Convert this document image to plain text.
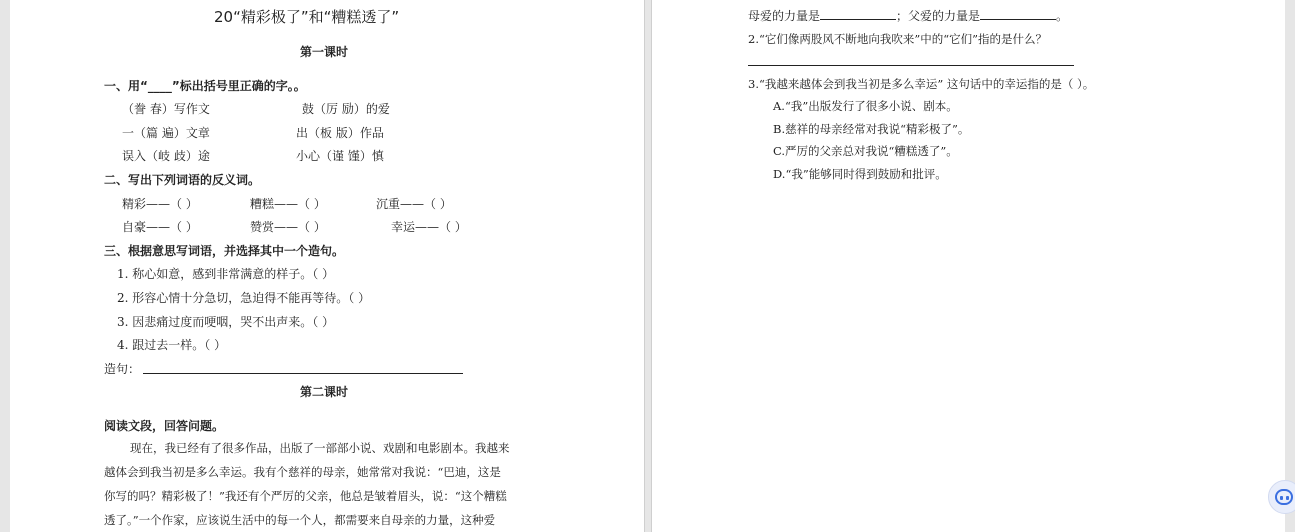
20“精彩极了”和“糟糕透了”
第一课时
一、用“____”标出括号里正确的字。。
（誊 春）写作文	鼓（厉 励）的爱
一（篇 遍）文章	出（板 版）作品
误入（岐 歧）途	小心（谨 馑）慎
二、写出下列词语的反义词。
精彩——（ ）	糟糕——（ ）	沉重——（ ）
自豪——（ ）	赞赏——（ ）	幸运——（ ）
三、根据意思写词语，并选择其中一个造句。
1. 称心如意，感到非常满意的样子。（ ）
2. 形容心情十分急切，急迫得不能再等待。（ ）
3. 因悲痛过度而哽咽，哭不出声来。（ ）
4. 跟过去一样。（ ）
造句：
第二课时
阅读文段，回答问题。
现在，我已经有了很多作品，出版了一部部小说、戏剧和电影剧本。我越来
越体会到我当初是多么幸运。我有个慈祥的母亲，她常常对我说：“巴迪，这是
你写的吗？精彩极了！”我还有个严厉的父亲，他总是皱着眉头，说：“这个糟糕
透了。”一个作家，应该说生活中的每一个人，都需要来自母亲的力量，这种爱
母爱的力量是	；父爱的力量是	。
2.“它们像两股风不断地向我吹来”中的“它们”指的是什么？
3.“我越来越体会到我当初是多么幸运” 这句话中的幸运指的是（ ）。
A.“我”出版发行了很多小说、剧本。
B.慈祥的母亲经常对我说“精彩极了”。
C.严厉的父亲总对我说“糟糕透了”。
D.“我”能够同时得到鼓励和批评。
